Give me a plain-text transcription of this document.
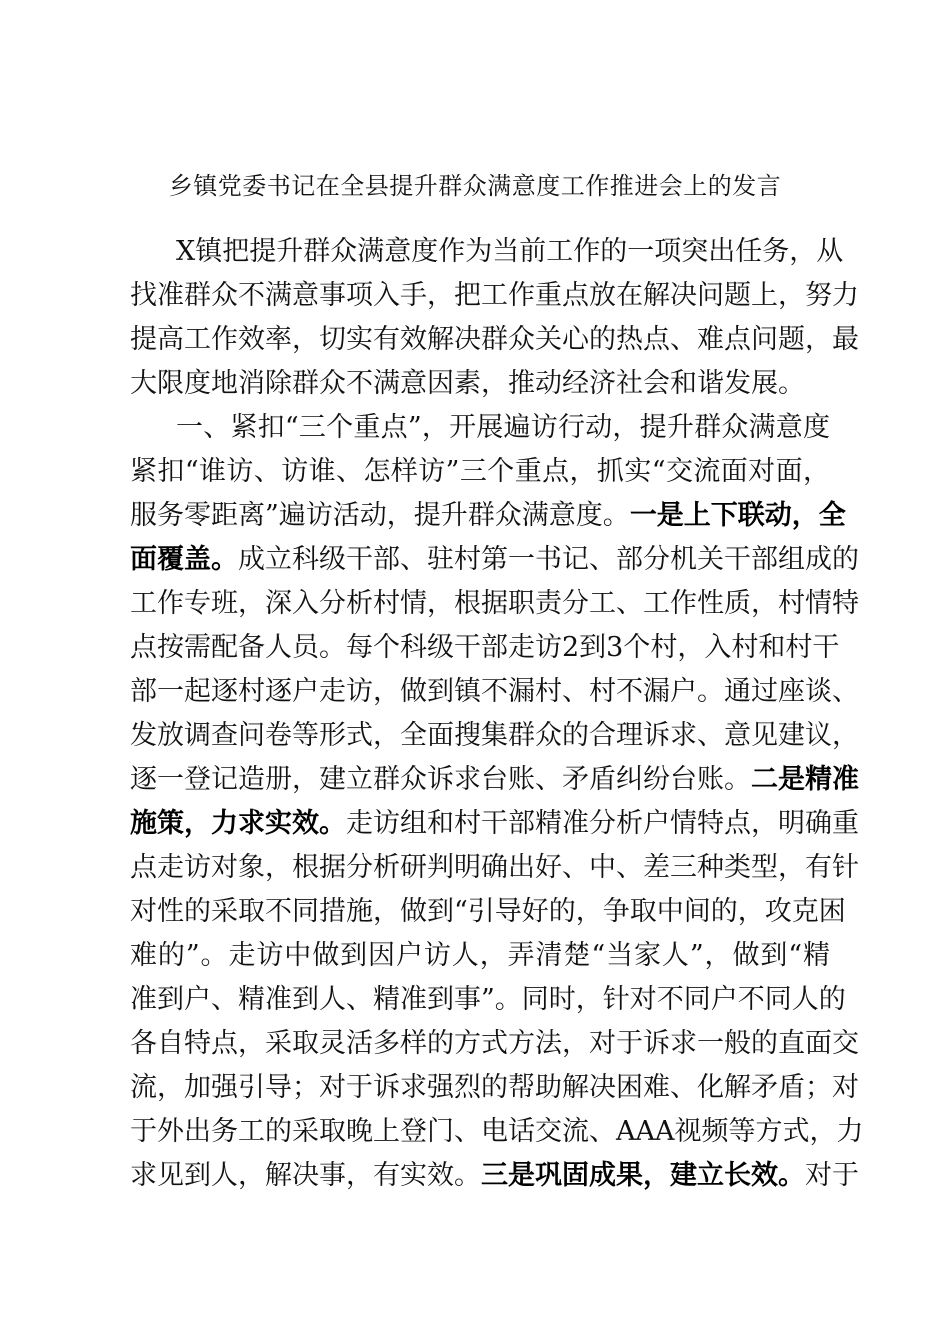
乡镇党委书记在全县提升群众满意度工作推进会上的发言
X镇把提升群众满意度作为当前工作的一项突出任务，从
找准群众不满意事项入手，把工作重点放在解决问题上，努力
提高工作效率，切实有效解决群众关心的热点、难点问题，最
大限度地消除群众不满意因素，推动经济社会和谐发展。
一、紧扣“三个重点”，开展遍访行动，提升群众满意度
紧扣“谁访、访谁、怎样访”三个重点，抓实“交流面对面，
服务零距离”遍访活动，提升群众满意度。一是上下联动，全
面覆盖。成立科级干部、驻村第一书记、部分机关干部组成的
工作专班，深入分析村情，根据职责分工、工作性质，村情特
点按需配备人员。每个科级干部走访2到3个村，入村和村干
部一起逐村逐户走访，做到镇不漏村、村不漏户。通过座谈、
发放调查问卷等形式，全面搜集群众的合理诉求、意见建议，
逐一登记造册，建立群众诉求台账、矛盾纠纷台账。二是精准
施策，力求实效。走访组和村干部精准分析户情特点，明确重
点走访对象，根据分析研判明确出好、中、差三种类型，有针
对性的采取不同措施，做到“引导好的，争取中间的，攻克困
难的”。走访中做到因户访人，弄清楚“当家人”，做到“精
准到户、精准到人、精准到事”。同时，针对不同户不同人的
各自特点，采取灵活多样的方式方法，对于诉求一般的直面交
流，加强引导；对于诉求强烈的帮助解决困难、化解矛盾；对
于外出务工的采取晚上登门、电话交流、AAA视频等方式，力
求见到人，解决事，有实效。三是巩固成果，建立长效。对于
